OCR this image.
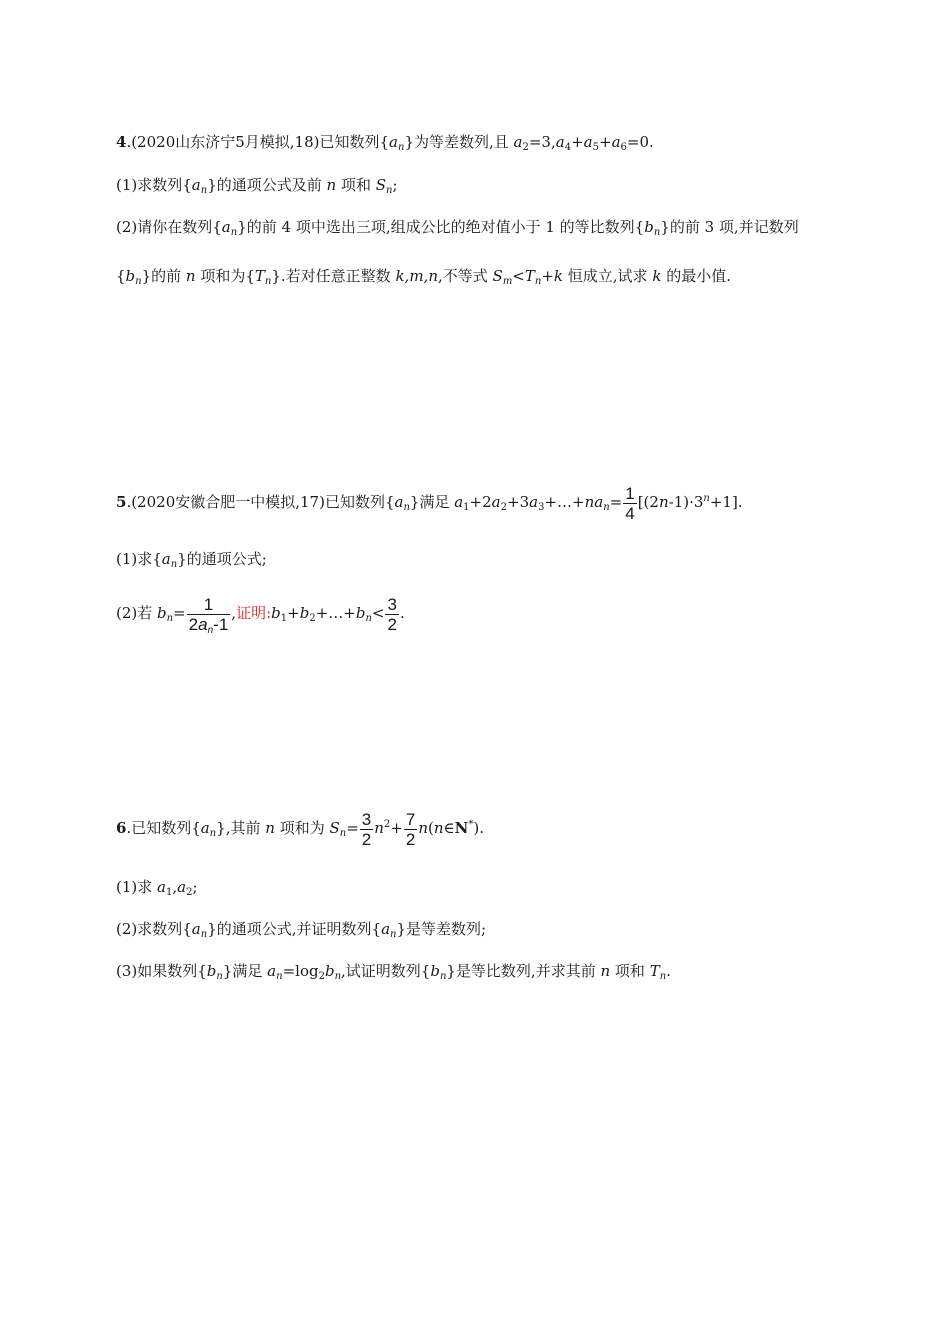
4.(2020山东济宁5月模拟,18)已知数列$\{a_n\}$为等差数列,且 $a_2=3,a_4+a_5+a_6=0$.
(1)求数列$\{a_n\}$的通项公式及前 n 项和 $S_n$;
(2)请你在数列$\{a_n\}$的前 4 项中选出三项,组成公比的绝对值小于 1 的等比数列$\{b_n\}$的前 3 项,并记数列
$\{b_n\}$的前 n 项和为$\{T_n\}$.若对任意正整数 k,m,n,不等式 $S_m<T_n+k$ 恒成立,试求 k 的最小值.
5.(2020安徽合肥一中模拟,17)已知数列$\{a_n\}$满足 $a_1+2a_2+3a_3+\dots+na_n= \frac{1}{4} [(2n-1)\cdot 3^n+1]$.
(1)求$\{a_n\}$的通项公式;
(2)若 $b_n= \frac{1}{2a_n-1}$ ,证明$:b_1+b_2+\dots+b_n< \frac{3}{2}$ .
6.已知数列$\{a_n\}$,其前 n 项和为 $S_n= \frac{3}{2} n^2+ \frac{7}{2}$ n(n∈N*).
(1)求 $a_1,a_2$;
(2)求数列$\{a_n\}$的通项公式,并证明数列$\{a_n\}$是等差数列;
(3)如果数列$\{b_n\}$满足 $a_n=\log_2b_n$,试证明数列$\{b_n\}$是等比数列,并求其前 n 项和 $T_n$.
